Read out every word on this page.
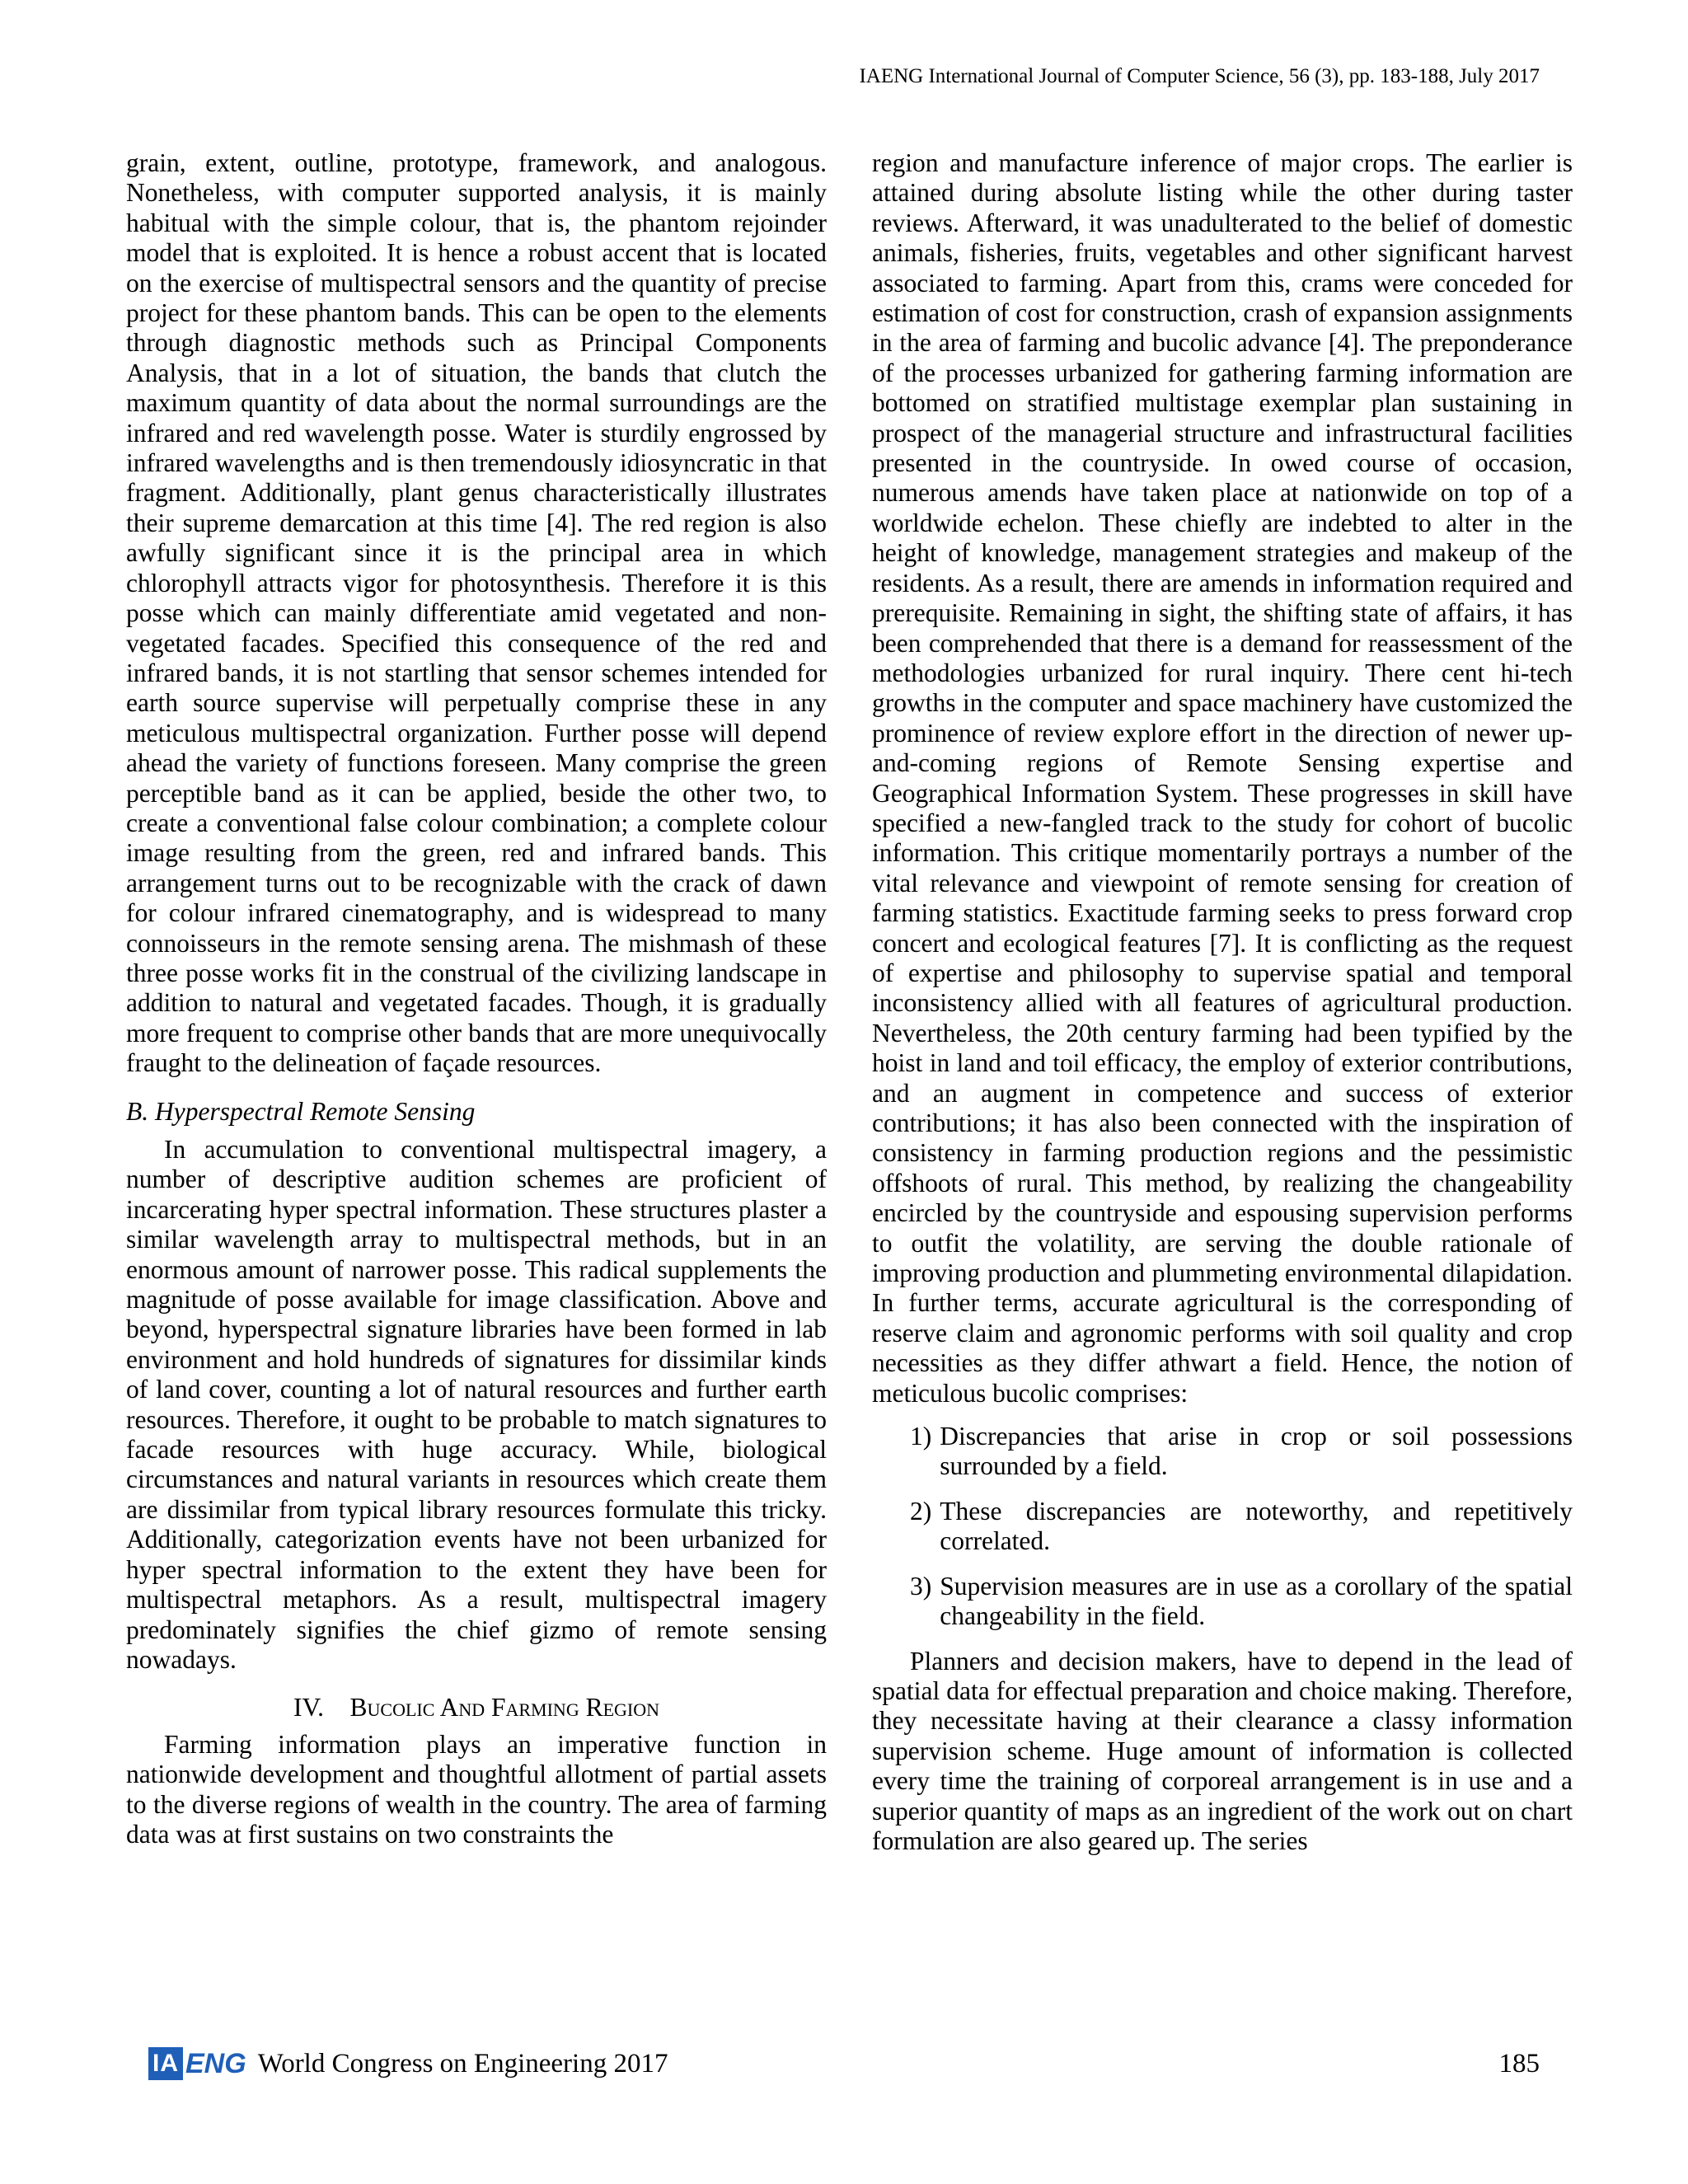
IAENG International Journal of Computer Science, 56 (3), pp. 183-188, July 2017

grain, extent, outline, prototype, framework, and analogous. Nonetheless, with computer supported analysis, it is mainly habitual with the simple colour, that is, the phantom rejoinder model that is exploited. It is hence a robust accent that is located on the exercise of multispectral sensors and the quantity of precise project for these phantom bands. This can be open to the elements through diagnostic methods such as Principal Components Analysis, that in a lot of situation, the bands that clutch the maximum quantity of data about the normal surroundings are the infrared and red wavelength posse. Water is sturdily engrossed by infrared wavelengths and is then tremendously idiosyncratic in that fragment. Additionally, plant genus characteristically illustrates their supreme demarcation at this time [4]. The red region is also awfully significant since it is the principal area in which chlorophyll attracts vigor for photosynthesis. Therefore it is this posse which can mainly differentiate amid vegetated and non-vegetated facades. Specified this consequence of the red and infrared bands, it is not startling that sensor schemes intended for earth source supervise will perpetually comprise these in any meticulous multispectral organization. Further posse will depend ahead the variety of functions foreseen. Many comprise the green perceptible band as it can be applied, beside the other two, to create a conventional false colour combination; a complete colour image resulting from the green, red and infrared bands. This arrangement turns out to be recognizable with the crack of dawn for colour infrared cinematography, and is widespread to many connoisseurs in the remote sensing arena. The mishmash of these three posse works fit in the construal of the civilizing landscape in addition to natural and vegetated facades. Though, it is gradually more frequent to comprise other bands that are more unequivocally fraught to the delineation of façade resources.

B. Hyperspectral Remote Sensing

In accumulation to conventional multispectral imagery, a number of descriptive audition schemes are proficient of incarcerating hyper spectral information. These structures plaster a similar wavelength array to multispectral methods, but in an enormous amount of narrower posse. This radical supplements the magnitude of posse available for image classification. Above and beyond, hyperspectral signature libraries have been formed in lab environment and hold hundreds of signatures for dissimilar kinds of land cover, counting a lot of natural resources and further earth resources. Therefore, it ought to be probable to match signatures to facade resources with huge accuracy. While, biological circumstances and natural variants in resources which create them are dissimilar from typical library resources formulate this tricky. Additionally, categorization events have not been urbanized for hyper spectral information to the extent they have been for multispectral metaphors. As a result, multispectral imagery predominately signifies the chief gizmo of remote sensing nowadays.

IV. Bucolic And Farming Region

Farming information plays an imperative function in nationwide development and thoughtful allotment of partial assets to the diverse regions of wealth in the country. The area of farming data was at first sustains on two constraints the

region and manufacture inference of major crops. The earlier is attained during absolute listing while the other during taster reviews. Afterward, it was unadulterated to the belief of domestic animals, fisheries, fruits, vegetables and other significant harvest associated to farming. Apart from this, crams were conceded for estimation of cost for construction, crash of expansion assignments in the area of farming and bucolic advance [4]. The preponderance of the processes urbanized for gathering farming information are bottomed on stratified multistage exemplar plan sustaining in prospect of the managerial structure and infrastructural facilities presented in the countryside. In owed course of occasion, numerous amends have taken place at nationwide on top of a worldwide echelon. These chiefly are indebted to alter in the height of knowledge, management strategies and makeup of the residents. As a result, there are amends in information required and prerequisite. Remaining in sight, the shifting state of affairs, it has been comprehended that there is a demand for reassessment of the methodologies urbanized for rural inquiry. There cent hi-tech growths in the computer and space machinery have customized the prominence of review explore effort in the direction of newer up-and-coming regions of Remote Sensing expertise and Geographical Information System. These progresses in skill have specified a new-fangled track to the study for cohort of bucolic information. This critique momentarily portrays a number of the vital relevance and viewpoint of remote sensing for creation of farming statistics. Exactitude farming seeks to press forward crop concert and ecological features [7]. It is conflicting as the request of expertise and philosophy to supervise spatial and temporal inconsistency allied with all features of agricultural production. Nevertheless, the 20th century farming had been typified by the hoist in land and toil efficacy, the employ of exterior contributions, and an augment in competence and success of exterior contributions; it has also been connected with the inspiration of consistency in farming production regions and the pessimistic offshoots of rural. This method, by realizing the changeability encircled by the countryside and espousing supervision performs to outfit the volatility, are serving the double rationale of improving production and plummeting environmental dilapidation. In further terms, accurate agricultural is the corresponding of reserve claim and agronomic performs with soil quality and crop necessities as they differ athwart a field. Hence, the notion of meticulous bucolic comprises:

1) Discrepancies that arise in crop or soil possessions surrounded by a field.
2) These discrepancies are noteworthy, and repetitively correlated.
3) Supervision measures are in use as a corollary of the spatial changeability in the field.

Planners and decision makers, have to depend in the lead of spatial data for effectual preparation and choice making. Therefore, they necessitate having at their clearance a classy information supervision scheme. Huge amount of information is collected every time the training of corporeal arrangement is in use and a superior quantity of maps as an ingredient of the work out on chart formulation are also geared up. The series

IA ENG World Congress on Engineering 2017	185
